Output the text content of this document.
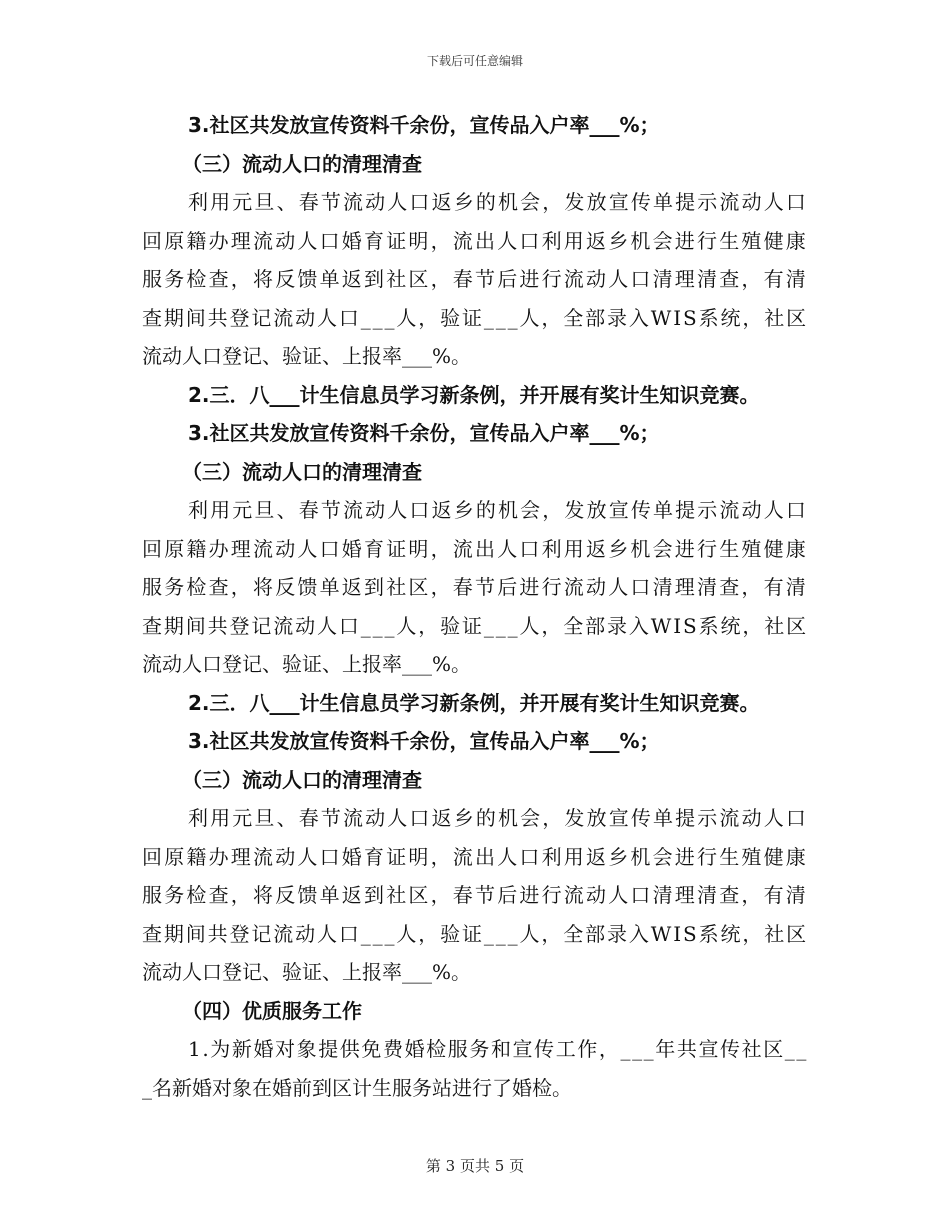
下载后可任意编辑
3.社区共发放宣传资料千余份，宣传品入户率___%；
（三）流动人口的清理清查
利用元旦、春节流动人口返乡的机会，发放宣传单提示流动人口
回原籍办理流动人口婚育证明，流出人口利用返乡机会进行生殖健康
服务检查，将反馈单返到社区，春节后进行流动人口清理清查，有清
查期间共登记流动人口___人，验证___人，全部录入WIS系统，社区
流动人口登记、验证、上报率___%。
2.三．八___计生信息员学习新条例，并开展有奖计生知识竞赛。
3.社区共发放宣传资料千余份，宣传品入户率___%；
（三）流动人口的清理清查
利用元旦、春节流动人口返乡的机会，发放宣传单提示流动人口
回原籍办理流动人口婚育证明，流出人口利用返乡机会进行生殖健康
服务检查，将反馈单返到社区，春节后进行流动人口清理清查，有清
查期间共登记流动人口___人，验证___人，全部录入WIS系统，社区
流动人口登记、验证、上报率___%。
2.三．八___计生信息员学习新条例，并开展有奖计生知识竞赛。
3.社区共发放宣传资料千余份，宣传品入户率___%；
（三）流动人口的清理清查
利用元旦、春节流动人口返乡的机会，发放宣传单提示流动人口
回原籍办理流动人口婚育证明，流出人口利用返乡机会进行生殖健康
服务检查，将反馈单返到社区，春节后进行流动人口清理清查，有清
查期间共登记流动人口___人，验证___人，全部录入WIS系统，社区
流动人口登记、验证、上报率___%。
（四）优质服务工作
1.为新婚对象提供免费婚检服务和宣传工作，___年共宣传社区__
_名新婚对象在婚前到区计生服务站进行了婚检。
第 3 页共 5 页
